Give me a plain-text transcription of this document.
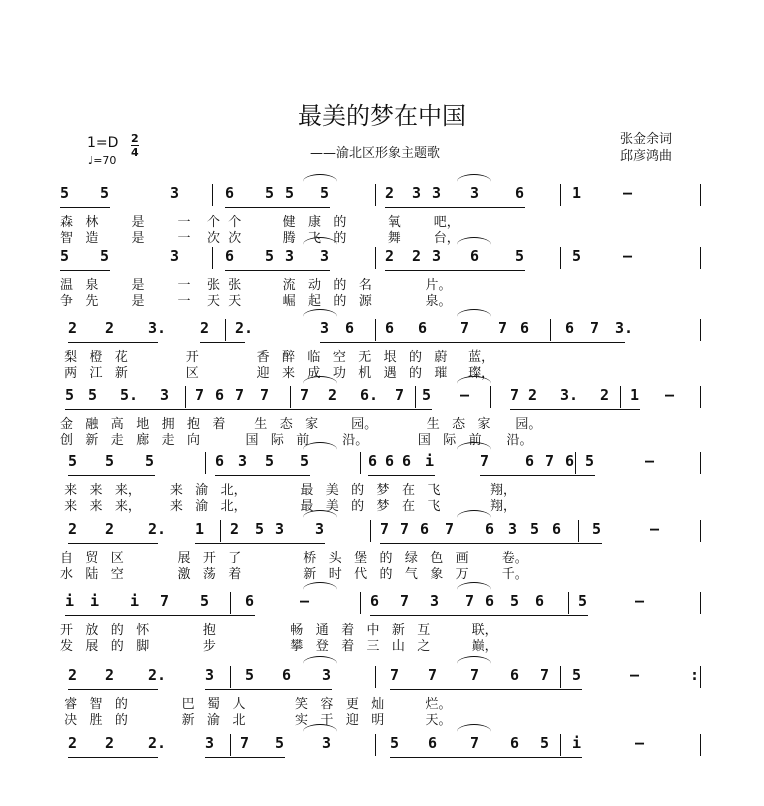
最美的梦在中国
——渝北区形象主题歌
张金余词
邱彦鸿曲
1=D 2
4
♩=70
5 5	3	6 5 5 5	2 3 3 3 6	1	–
森   林        是        一    个  个          健   康   的          氧        吧，
智   造        是        一    次  次          腾   飞   的          舞        台，
5 5	3	6 5 3 3	2 2 3 6 5	5	–
温   泉        是        一    张  张          流   动   的   名             片。
争   先        是        一    天  天          崛   起   的   源             泉。
2 2 3. 2 2.	3 6 6 6 7 7 6 6 7 3.
梨   橙   花              开              香   醉   临   空   无   垠   的   蔚     蓝，
两   江   新              区              迎   来   成   功   机   遇   的   璀     璨，
5 5 5. 3 7 6 7 7 7 2 6. 7 5 –	7 2 3. 2 1 –
金   融   高   地   拥   抱   着       生   态   家        园。            生   态   家      园。
创   新   走   廊   走   向           国   际   前        沿。            国   际   前      沿。
5 5 5	6 3 5 5	6 6 6 i	7 6 7 6 5	–
来   来   来，       来   渝   北，             最   美   的   梦   在   飞            翔，
来   来   来，       来   渝   北，             最   美   的   梦   在   飞            翔，
2 2 2. 1 2 5 3 3	7 7 6 7 6 3 5 6 5	–
自   贸   区             展   开   了               桥   头   堡   的   绿   色   画        卷。
水   陆   空             激   荡   着               新   时   代   的   气   象   万        千。
i i i 7 5 6	–	6 7 3 7 6 5 6 5	–
开   放   的   怀             抱                  畅   通   着   中   新   互          联，
发   展   的   脚             步                  攀   登   着   三   山   之          巅，
2 2 2.	3 5 6 3	7 7 7 6 7 5	–	:
睿   智   的             巴   蜀   人            笑   容   更   灿          烂。
决   胜   的             新   渝   北            实   干   迎   明          天。
2 2 2.	3 7 5	3	5 6 7 6 5 i	–
